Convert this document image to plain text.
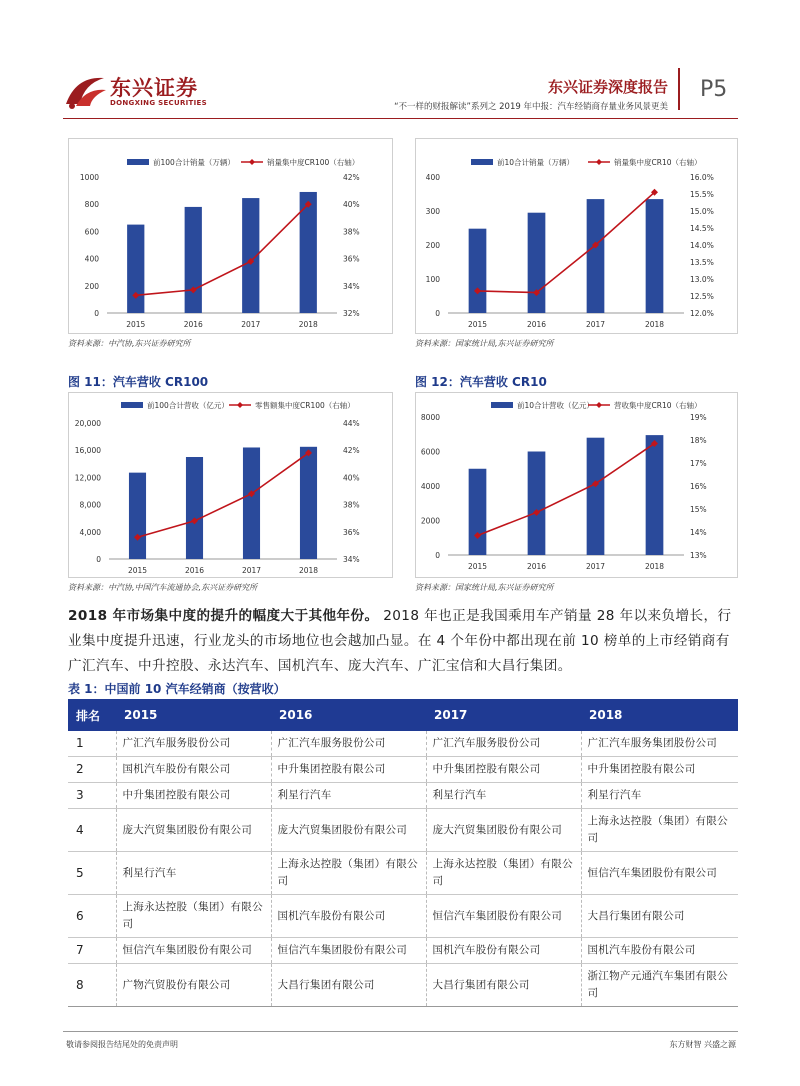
东兴证券
DONGXING SECURITIES
东兴证券深度报告
“不一样的财报解读”系列之 2019 年中报：汽车经销商存量业务风景更美
P5
前100合计销量（万辆）	销量集中度CR100（右轴）
0
200
400
600
800
1000
32%
34%
36%
38%
40%
42%
2015	2016	2017	2018
资料来源：中汽协,东兴证券研究所
前10合计销量（万辆）	销量集中度CR10（右轴）
0
100
200
300
400
12.0%
12.5%
13.0%
13.5%
14.0%
14.5%
15.0%
15.5%
16.0%
2015	2016	2017	2018
资料来源：国家统计局,东兴证券研究所
图 11：汽车营收 CR100	图 12：汽车营收 CR10
前100合计营收（亿元）	零售额集中度CR100（右轴）
0
4,000
8,000
12,000
16,000
20,000
34%
36%
38%
40%
42%
44%
2015	2016	2017	2018
资料来源：中汽协,中国汽车流通协会,东兴证券研究所
前10合计营收（亿元）	营收集中度CR10（右轴）
0
2000
4000
6000
8000
13%
14%
15%
16%
17%
18%
19%
2015	2016	2017	2018
资料来源：国家统计局,东兴证券研究所
2018 年市场集中度的提升的幅度大于其他年份。 2018 年也正是我国乘用车产销量 28 年以来负增长，行业集中度提升迅速，行业龙头的市场地位也会越加凸显。在 4 个年份中都出现在前 10 榜单的上市经销商有广汇汽车、中升控股、永达汽车、国机汽车、庞大汽车、广汇宝信和大昌行集团。
表 1：中国前 10 汽车经销商（按营收）
排名	2015	2016	2017	2018
1	广汇汽车服务股份公司	广汇汽车服务股份公司	广汇汽车服务股份公司	广汇汽车服务集团股份公司
2	国机汽车股份有限公司	中升集团控股有限公司	中升集团控股有限公司	中升集团控股有限公司
3	中升集团控股有限公司	利星行汽车	利星行汽车	利星行汽车
4	庞大汽贸集团股份有限公司	庞大汽贸集团股份有限公司	庞大汽贸集团股份有限公司	上海永达控股（集团）有限公司
5	利星行汽车	上海永达控股（集团）有限公司	上海永达控股（集团）有限公司	恒信汽车集团股份有限公司
6	上海永达控股（集团）有限公司	国机汽车股份有限公司	恒信汽车集团股份有限公司	大昌行集团有限公司
7	恒信汽车集团股份有限公司	恒信汽车集团股份有限公司	国机汽车股份有限公司	国机汽车股份有限公司
8	广物汽贸股份有限公司	大昌行集团有限公司	大昌行集团有限公司	浙江物产元通汽车集团有限公司
敬请参阅报告结尾处的免责声明	东方财智 兴盛之源
